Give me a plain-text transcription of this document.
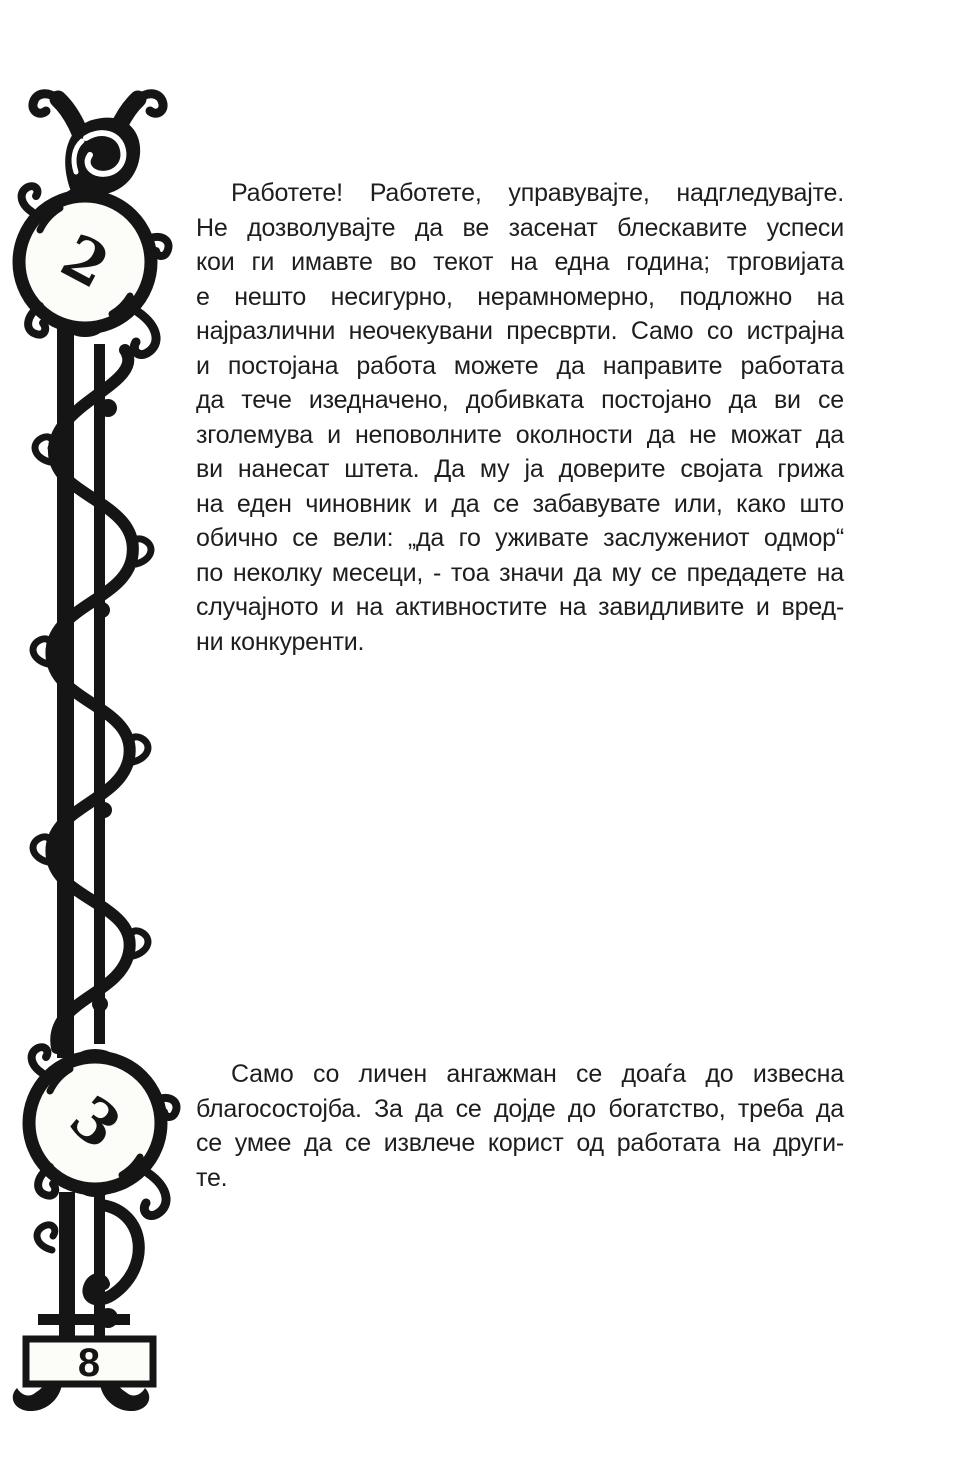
2
3
8
Работете! Работете, управувајте, надгледувајте.
Не дозволувајте да ве засенат блескавите успеси
кои ги имавте во текот на една година; трговијата
е нешто несигурно, нерамномерно, подложно на
најразлични неочекувани пресврти. Само со истрајна
и постојана работа можете да направите работата
да тече изедначено, добивката постојано да ви се
зголемува и неповолните околности да не можат да
ви нанесат штета. Да му ја доверите својата грижа
на еден чиновник и да се забавувате или, како што
обично се вели: „да го уживате заслужениот одмор“
по неколку месеци, - тоа значи да му се предадете на
случајното и на активностите на завидливите и вред-
ни конкуренти.
Само со личен ангажман се доаѓа до извесна
благосостојба. За да се дојде до богатство, треба да
се умее да се извлече корист од работата на други-
те.
